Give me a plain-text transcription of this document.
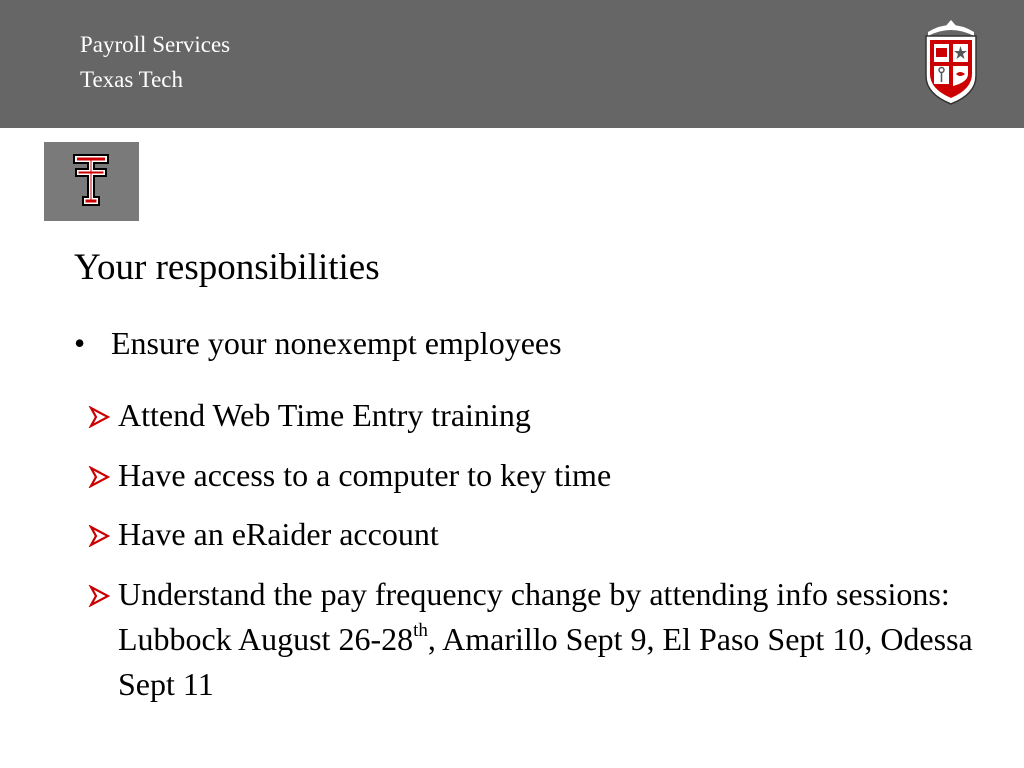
Payroll Services
Texas Tech
Your responsibilities
• Ensure your nonexempt employees
Attend Web Time Entry training
Have access to a computer to key time
Have an eRaider account
Understand the pay frequency change by attending info sessions: Lubbock August 26-28th, Amarillo Sept 9, El Paso Sept 10, Odessa Sept 11
